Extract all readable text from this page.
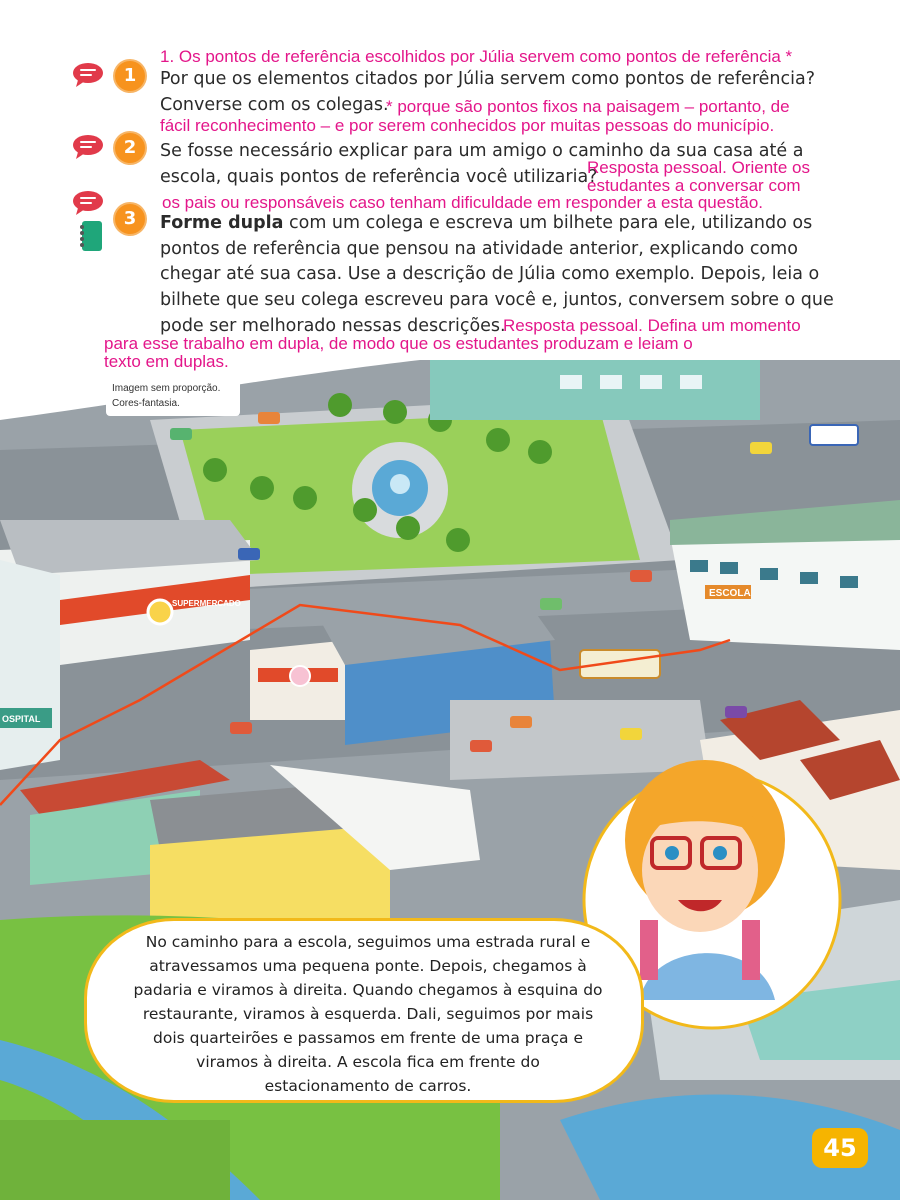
ESCOLA
SUPERMERCADO
OSPITAL
Imagem sem proporção.
Cores-fantasia.
1
2
3
1. Os pontos de referência escolhidos por Júlia servem como pontos de referência *
Por que os elementos citados por Júlia servem como pontos de referência?
Converse com os colegas.
* porque são pontos fixos na paisagem – portanto, de
fácil reconhecimento – e por serem conhecidos por muitas pessoas do município.
Se fosse necessário explicar para um amigo o caminho da sua casa até a
escola, quais pontos de referência você utilizaria?
Resposta pessoal. Oriente os
estudantes a conversar com
os pais ou responsáveis caso tenham dificuldade em responder a esta questão.
Forme dupla com um colega e escreva um bilhete para ele, utilizando os
pontos de referência que pensou na atividade anterior, explicando como
chegar até sua casa. Use a descrição de Júlia como exemplo. Depois, leia o
bilhete que seu colega escreveu para você e, juntos, conversem sobre o que
pode ser melhorado nessas descrições.
Resposta pessoal. Defina um momento
para esse trabalho em dupla, de modo que os estudantes produzam e leiam o
texto em duplas.
No caminho para a escola, seguimos uma estrada rural e
atravessamos uma pequena ponte. Depois, chegamos à
padaria e viramos à direita. Quando chegamos à esquina do
restaurante, viramos à esquerda. Dali, seguimos por mais
dois quarteirões e passamos em frente de uma praça e
viramos à direita. A escola fica em frente do
estacionamento de carros.
45
